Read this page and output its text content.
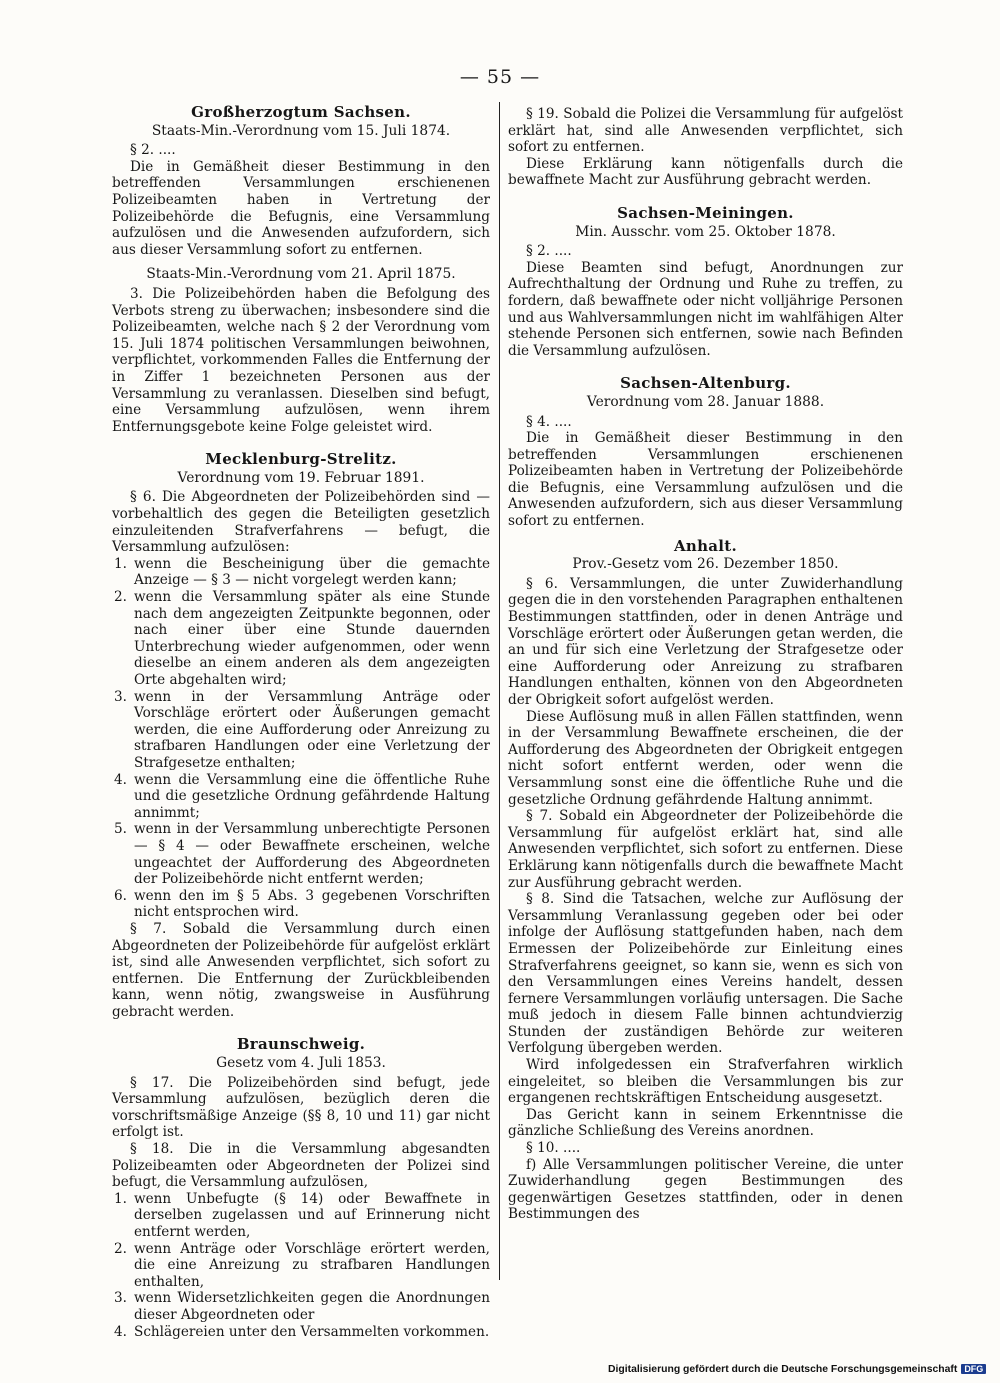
— 55 —
Großherzogtum Sachsen.
Staats-Min.-Verordnung vom 15. Juli 1874.

§ 2. ....

Die in Gemäßheit dieser Bestimmung in den betreffenden Versammlungen erschienenen Polizeibeamten haben in Vertretung der Polizeibehörde die Befugnis, eine Versammlung aufzulösen und die Anwesenden aufzufordern, sich aus dieser Versammlung sofort zu entfernen.

Staats-Min.-Verordnung vom 21. April 1875.

3. Die Polizeibehörden haben die Befolgung des Verbots streng zu überwachen; insbesondere sind die Polizeibeamten, welche nach § 2 der Verordnung vom 15. Juli 1874 politischen Versammlungen beiwohnen, verpflichtet, vorkommenden Falles die Entfernung der in Ziffer 1 bezeichneten Personen aus der Versammlung zu veranlassen. Dieselben sind befugt, eine Versammlung aufzulösen, wenn ihrem Entfernungsgebote keine Folge geleistet wird.

Mecklenburg-Strelitz.
Verordnung vom 19. Februar 1891.

§ 6. Die Abgeordneten der Polizeibehörden sind — vorbehaltlich des gegen die Beteiligten gesetzlich einzuleitenden Strafverfahrens — befugt, die Versammlung aufzulösen:

1. wenn die Bescheinigung über die gemachte Anzeige — § 3 — nicht vorgelegt werden kann;
2. wenn die Versammlung später als eine Stunde nach dem angezeigten Zeitpunkte begonnen, oder nach einer über eine Stunde dauernden Unterbrechung wieder aufgenommen, oder wenn dieselbe an einem anderen als dem angezeigten Orte abgehalten wird;
3. wenn in der Versammlung Anträge oder Vorschläge erörtert oder Äußerungen gemacht werden, die eine Aufforderung oder Anreizung zu strafbaren Handlungen oder eine Verletzung der Strafgesetze enthalten;
4. wenn die Versammlung eine die öffentliche Ruhe und die gesetzliche Ordnung gefährdende Haltung annimmt;
5. wenn in der Versammlung unberechtigte Personen — § 4 — oder Bewaffnete erscheinen, welche ungeachtet der Aufforderung des Abgeordneten der Polizeibehörde nicht entfernt werden;
6. wenn den im § 5 Abs. 3 gegebenen Vorschriften nicht entsprochen wird.

§ 7. Sobald die Versammlung durch einen Abgeordneten der Polizeibehörde für aufgelöst erklärt ist, sind alle Anwesenden verpflichtet, sich sofort zu entfernen. Die Entfernung der Zurückbleibenden kann, wenn nötig, zwangsweise in Ausführung gebracht werden.

Braunschweig.
Gesetz vom 4. Juli 1853.

§ 17. Die Polizeibehörden sind befugt, jede Versammlung aufzulösen, bezüglich deren die vorschriftsmäßige Anzeige (§§ 8, 10 und 11) gar nicht erfolgt ist.

§ 18. Die in die Versammlung abgesandten Polizeibeamten oder Abgeordneten der Polizei sind befugt, die Versammlung aufzulösen,

1. wenn Unbefugte (§ 14) oder Bewaffnete in derselben zugelassen und auf Erinnerung nicht entfernt werden,
2. wenn Anträge oder Vorschläge erörtert werden, die eine Anreizung zu strafbaren Handlungen enthalten,
3. wenn Widersetzlichkeiten gegen die Anordnungen dieser Abgeordneten oder
4. Schlägereien unter den Versammelten vorkommen.

§ 19. Sobald die Polizei die Versammlung für aufgelöst erklärt hat, sind alle Anwesenden verpflichtet, sich sofort zu entfernen.

Diese Erklärung kann nötigenfalls durch die bewaffnete Macht zur Ausführung gebracht werden.

Sachsen-Meiningen.
Min. Ausschr. vom 25. Oktober 1878.

§ 2. ....

Diese Beamten sind befugt, Anordnungen zur Aufrechthaltung der Ordnung und Ruhe zu treffen, zu fordern, daß bewaffnete oder nicht volljährige Personen und aus Wahlversammlungen nicht im wahlfähigen Alter stehende Personen sich entfernen, sowie nach Befinden die Versammlung aufzulösen.

Sachsen-Altenburg.
Verordnung vom 28. Januar 1888.

§ 4. ....

Die in Gemäßheit dieser Bestimmung in den betreffenden Versammlungen erschienenen Polizeibeamten haben in Vertretung der Polizeibehörde die Befugnis, eine Versammlung aufzulösen und die Anwesenden aufzufordern, sich aus dieser Versammlung sofort zu entfernen.

Anhalt.
Prov.-Gesetz vom 26. Dezember 1850.

§ 6. Versammlungen, die unter Zuwiderhandlung gegen die in den vorstehenden Paragraphen enthaltenen Bestimmungen stattfinden, oder in denen Anträge und Vorschläge erörtert oder Äußerungen getan werden, die an und für sich eine Verletzung der Strafgesetze oder eine Aufforderung oder Anreizung zu strafbaren Handlungen enthalten, können von den Abgeordneten der Obrigkeit sofort aufgelöst werden.

Diese Auflösung muß in allen Fällen stattfinden, wenn in der Versammlung Bewaffnete erscheinen, die der Aufforderung des Abgeordneten der Obrigkeit entgegen nicht sofort entfernt werden, oder wenn die Versammlung sonst eine die öffentliche Ruhe und die gesetzliche Ordnung gefährdende Haltung annimmt.

§ 7. Sobald ein Abgeordneter der Polizeibehörde die Versammlung für aufgelöst erklärt hat, sind alle Anwesenden verpflichtet, sich sofort zu entfernen. Diese Erklärung kann nötigenfalls durch die bewaffnete Macht zur Ausführung gebracht werden.

§ 8. Sind die Tatsachen, welche zur Auflösung der Versammlung Veranlassung gegeben oder bei oder infolge der Auflösung stattgefunden haben, nach dem Ermessen der Polizeibehörde zur Einleitung eines Strafverfahrens geeignet, so kann sie, wenn es sich von den Versammlungen eines Vereins handelt, dessen fernere Versammlungen vorläufig untersagen. Die Sache muß jedoch in diesem Falle binnen achtundvierzig Stunden der zuständigen Behörde zur weiteren Verfolgung übergeben werden.

Wird infolgedessen ein Strafverfahren wirklich eingeleitet, so bleiben die Versammlungen bis zur ergangenen rechtskräftigen Entscheidung ausgesetzt.

Das Gericht kann in seinem Erkenntnisse die gänzliche Schließung des Vereins anordnen.

§ 10. ....

f) Alle Versammlungen politischer Vereine, die unter Zuwiderhandlung gegen Bestimmungen des gegenwärtigen Gesetzes stattfinden, oder in denen Bestimmungen des

Digitalisierung gefördert durch die Deutsche Forschungsgemeinschaft DFG
